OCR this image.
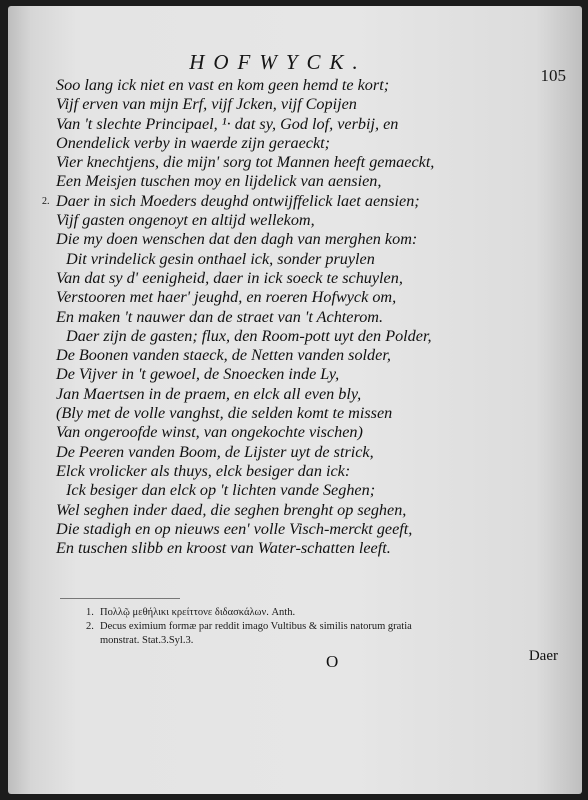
HOFWYCK.
105
Soo lang ick niet en vast en kom geen hemd te kort;
Vijf erven van mijn Erf, vijf Jcken, vijf Copijen
Van 't slechte Principael, ¹· dat sy, God lof, verbij, en
Onendelick verby in waerde zijn geraeckt;
Vier knechtjens, die mijn' sorg tot Mannen heeft gemaeckt,
Een Meisjen tuschen moy en lijdelick van aensien,
2. Daer in sich Moeders deughd ontwijffelick laet aensien;
Vijf gasten ongenoyt en altijd wellekom,
Die my doen wenschen dat den dagh van merghen kom:
Dit vrindelick gesin onthael ick, sonder pruylen
Van dat sy d' eenigheid, daer in ick soeck te schuylen,
Verstooren met haer' jeughd, en roeren Hofwyck om,
En maken 't nauwer dan de straet van 't Achterom.
Daer zijn de gasten; flux, den Room-pott uyt den Polder,
De Boonen vanden staeck, de Netten vanden solder,
De Vijver in 't gewoel, de Snoecken inde Ly,
Jan Maertsen in de praem, en elck all even bly,
(Bly met de volle vanghst, die selden komt te missen
Van ongeroofde winst, van ongekochte vischen)
De Peeren vanden Boom, de Lijster uyt de strick,
Elck vrolicker als thuys, elck besiger dan ick:
Ick besiger dan elck op 't lichten vande Seghen;
Wel seghen inder daed, die seghen brenght op seghen,
Die stadigh en op nieuws een' volle Visch-merckt geeft,
En tuschen slibb en kroost van Water-schatten leeft.
1. Πολλῷ μεθήλικι κρείττονε διδασκάλων. Anth.
2. Decus eximium formæ par reddit imago Vultibus & similis natorum gratia
monstrat. Stat.3.Syl.3.
O	Daer
